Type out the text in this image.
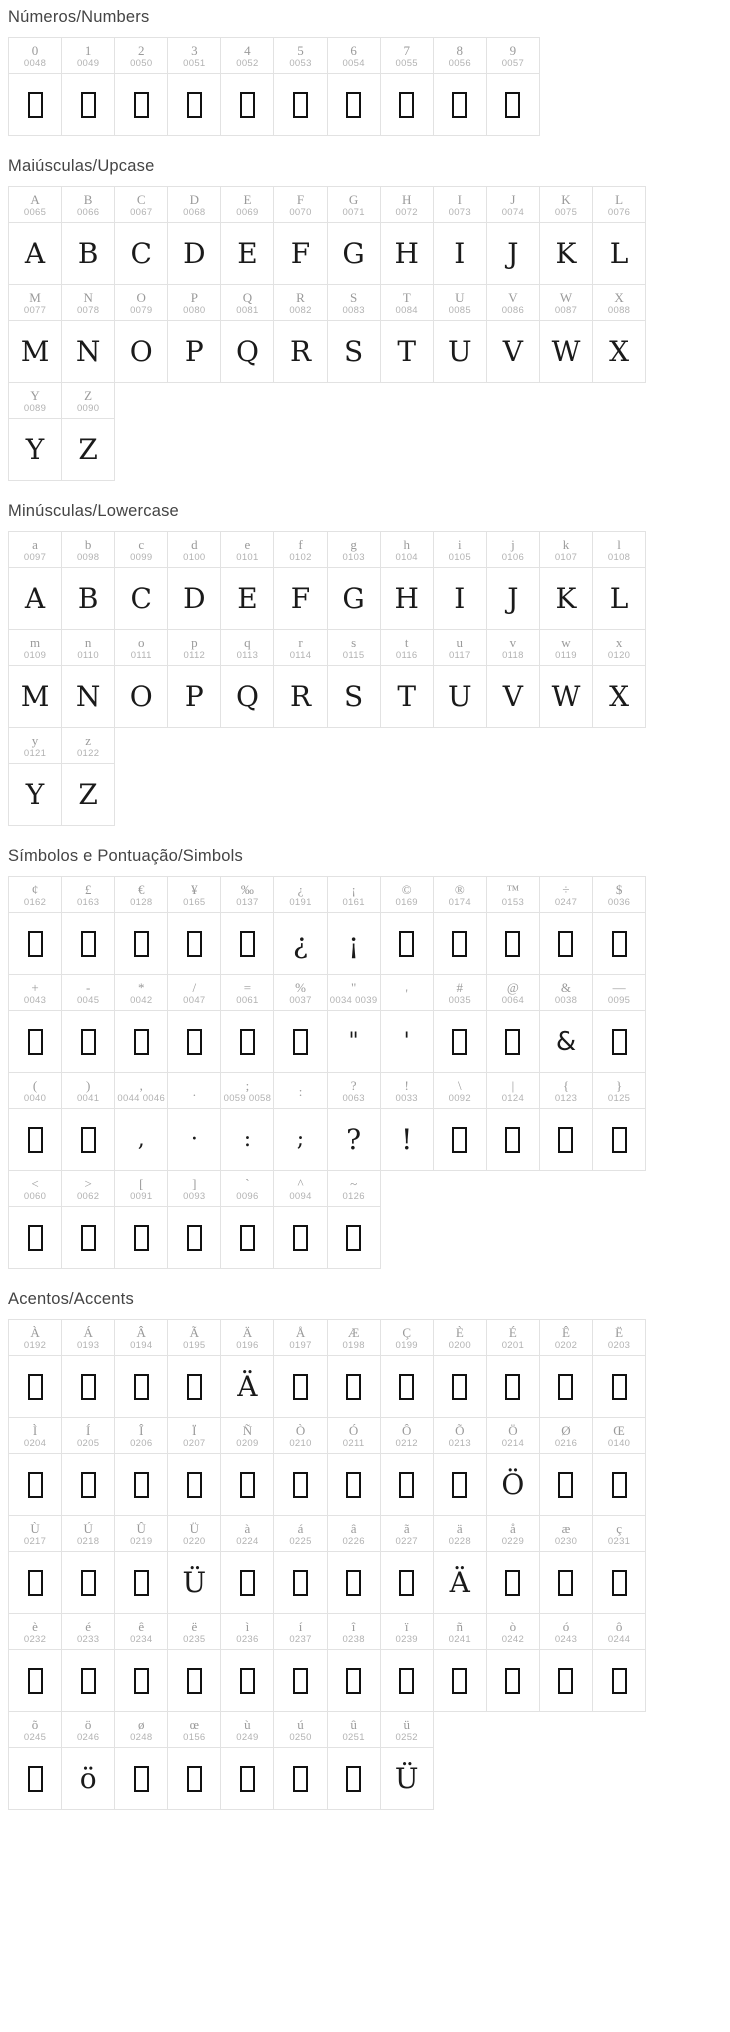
Números/Numbers
0
0048
1
0049
2
0050
3
0051
4
0052
5
0053
6
0054
7
0055
8
0056
9
0057
Maiúsculas/Upcase
A
0065
A
B
0066
B
C
0067
C
D
0068
D
E
0069
E
F
0070
F
G
0071
G
H
0072
H
I
0073
I
J
0074
J
K
0075
K
L
0076
L
M
0077
M
N
0078
N
O
0079
O
P
0080
P
Q
0081
Q
R
0082
R
S
0083
S
T
0084
T
U
0085
U
V
0086
V
W
0087
W
X
0088
X
Y
0089
Y
Z
0090
Z
Minúsculas/Lowercase
a
0097
A
b
0098
B
c
0099
C
d
0100
D
e
0101
E
f
0102
F
g
0103
G
h
0104
H
i
0105
I
j
0106
J
k
0107
K
l
0108
L
m
0109
M
n
0110
N
o
0111
O
p
0112
P
q
0113
Q
r
0114
R
s
0115
S
t
0116
T
u
0117
U
v
0118
V
w
0119
W
x
0120
X
y
0121
Y
z
0122
Z
Símbolos e Pontuação/Simbols
¢
0162
£
0163
€
0128
¥
0165
‰
0137
¿
0191
¿
¡
0161
¡
©
0169
®
0174
™
0153
÷
0247
$
0036
+
0043
-
0045
*
0042
/
0047
=
0061
%
0037
"
0034 0039
"
'
'
#
0035
@
0064
&
0038
&
—
0095
(
0040
)
0041
,
0044 0046
,
.
·
;
0059 0058
:
:
;
?
0063
?
!
0033
!
\
0092
|
0124
{
0123
}
0125
<
0060
>
0062
[
0091
]
0093
`
0096
^
0094
~
0126
Acentos/Accents
À
0192
Á
0193
Â
0194
Ã
0195
Ä
0196
Ä
Å
0197
Æ
0198
Ç
0199
È
0200
É
0201
Ê
0202
Ë
0203
Ì
0204
Í
0205
Î
0206
Ï
0207
Ñ
0209
Ò
0210
Ó
0211
Ô
0212
Õ
0213
Ö
0214
Ö
Ø
0216
Œ
0140
Ù
0217
Ú
0218
Û
0219
Ü
0220
Ü
à
0224
á
0225
â
0226
ã
0227
ä
0228
Ä
å
0229
æ
0230
ç
0231
è
0232
é
0233
ê
0234
ë
0235
ì
0236
í
0237
î
0238
ï
0239
ñ
0241
ò
0242
ó
0243
ô
0244
õ
0245
ö
0246
ö
ø
0248
œ
0156
ù
0249
ú
0250
û
0251
ü
0252
Ü
